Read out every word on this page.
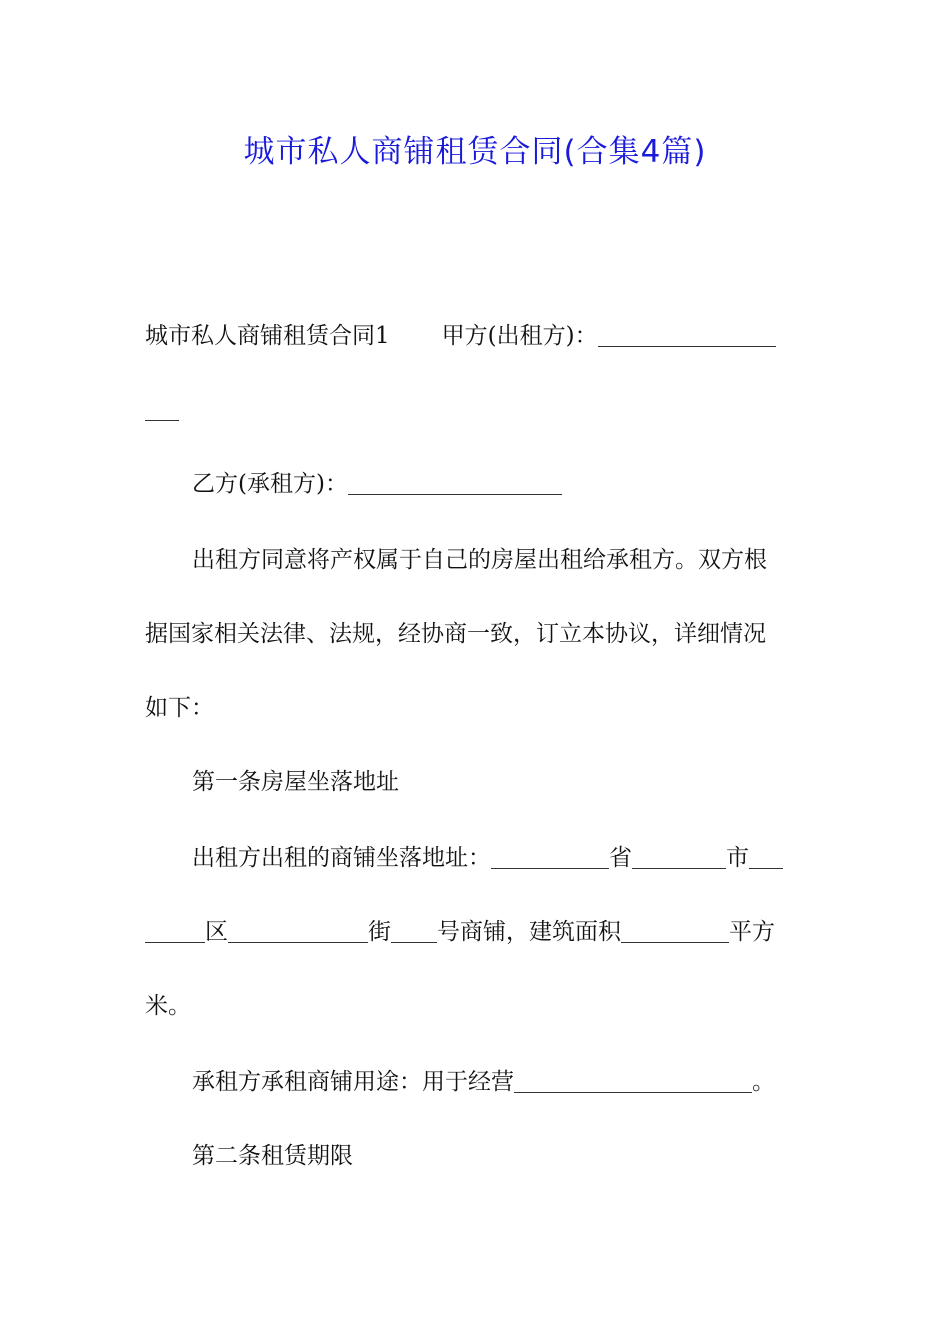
城市私人商铺租赁合同(合集4篇)
城市私人商铺租赁合同1 甲方(出租方)：
乙方(承租方)：
出租方同意将产权属于自己的房屋出租给承租方。双方根
据国家相关法律、法规，经协商一致，订立本协议，详细情况
如下：
第一条房屋坐落地址
出租方出租的商铺坐落地址：	省	市
区	街 号商铺，建筑面积	平方
米。
承租方承租商铺用途：用于经营	。
第二条租赁期限
